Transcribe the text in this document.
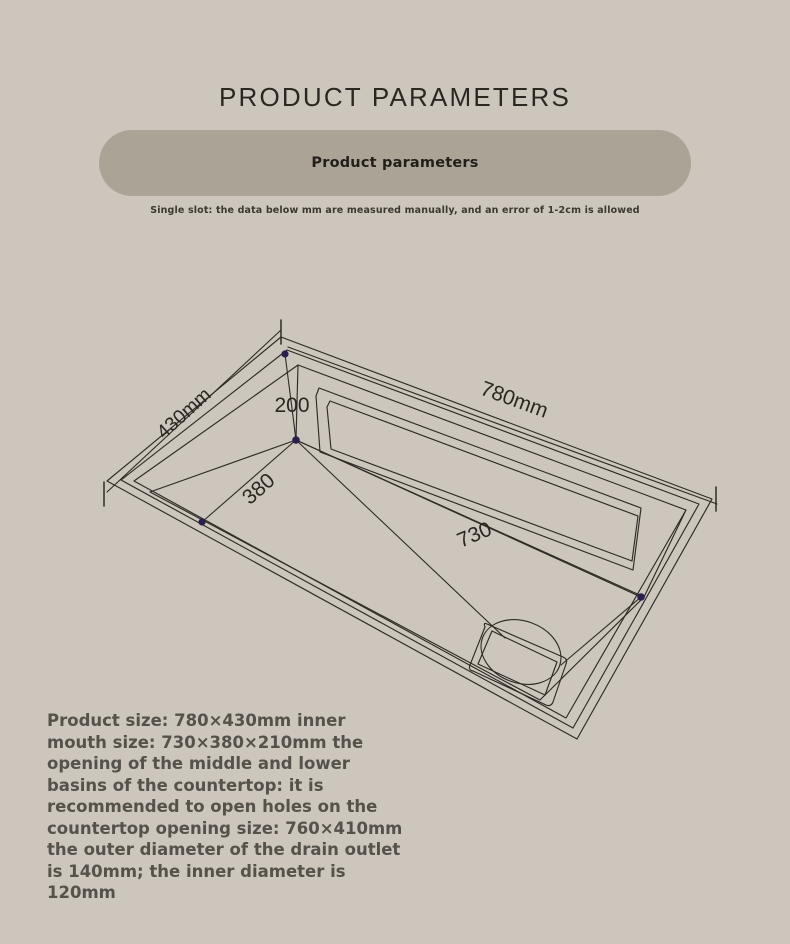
PRODUCT PARAMETERS
Product parameters
Single slot: the data below mm are measured manually, and an error of 1-2cm is allowed
430mm	780mm
200
380
730
Product size: 780×430mm inner mouth size: 730×380×210mm the opening of the middle and lower basins of the countertop: it is recommended to open holes on the countertop opening size: 760×410mm the outer diameter of the drain outlet is 140mm; the inner diameter is 120mm
